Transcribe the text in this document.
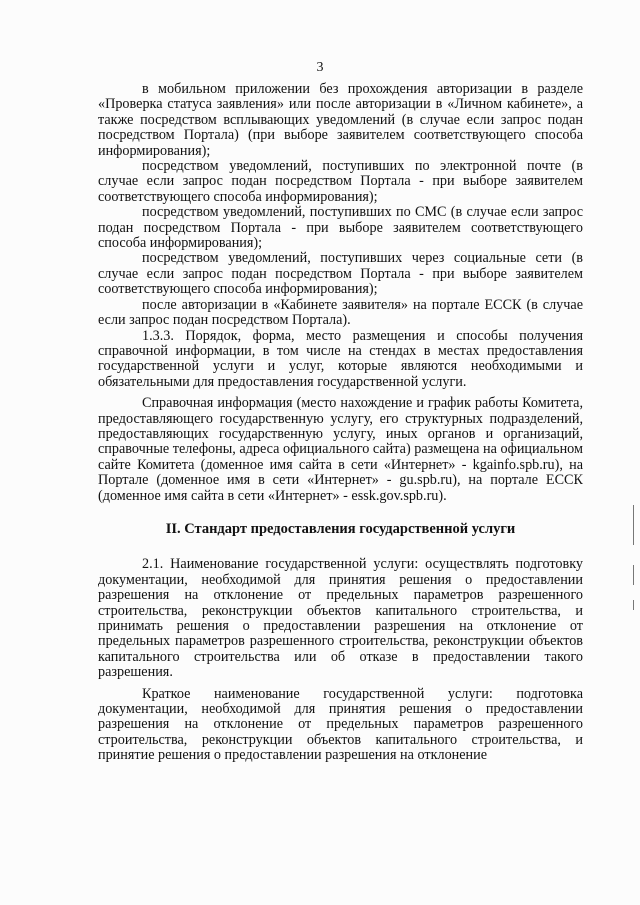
3

в мобильном приложении без прохождения авторизации в разделе «Проверка статуса заявления» или после авторизации в «Личном кабинете», а также посредством всплывающих уведомлений (в случае если запрос подан посредством Портала) (при выборе заявителем соответствующего способа информирования);

посредством уведомлений, поступивших по электронной почте (в случае если запрос подан посредством Портала - при выборе заявителем соответствующего способа информирования);

посредством уведомлений, поступивших по СМС (в случае если запрос подан посредством Портала - при выборе заявителем соответствующего способа информирования);

посредством уведомлений, поступивших через социальные сети (в случае если запрос подан посредством Портала - при выборе заявителем соответствующего способа информирования);

после авторизации в «Кабинете заявителя» на портале ЕССК (в случае если запрос подан посредством Портала).

1.3.3. Порядок, форма, место размещения и способы получения справочной информации, в том числе на стендах в местах предоставления государственной услуги и услуг, которые являются необходимыми и обязательными для предоставления государственной услуги.

Справочная информация (место нахождение и график работы Комитета, предоставляющего государственную услугу, его структурных подразделений, предоставляющих государственную услугу, иных органов и организаций, справочные телефоны, адреса официального сайта) размещена на официальном сайте Комитета (доменное имя сайта в сети «Интернет» - kgainfo.spb.ru), на Портале (доменное имя в сети «Интернет» - gu.spb.ru), на портале ЕССК (доменное имя сайта в сети «Интернет» - essk.gov.spb.ru).

II. Стандарт предоставления государственной услуги

2.1. Наименование государственной услуги: осуществлять подготовку документации, необходимой для принятия решения о предоставлении разрешения на отклонение от предельных параметров разрешенного строительства, реконструкции объектов капитального строительства, и принимать решения о предоставлении разрешения на отклонение от предельных параметров разрешенного строительства, реконструкции объектов капитального строительства или об отказе в предоставлении такого разрешения.

Краткое наименование государственной услуги: подготовка документации, необходимой для принятия решения о предоставлении разрешения на отклонение от предельных параметров разрешенного строительства, реконструкции объектов капитального строительства, и принятие решения о предоставлении разрешения на отклонение
